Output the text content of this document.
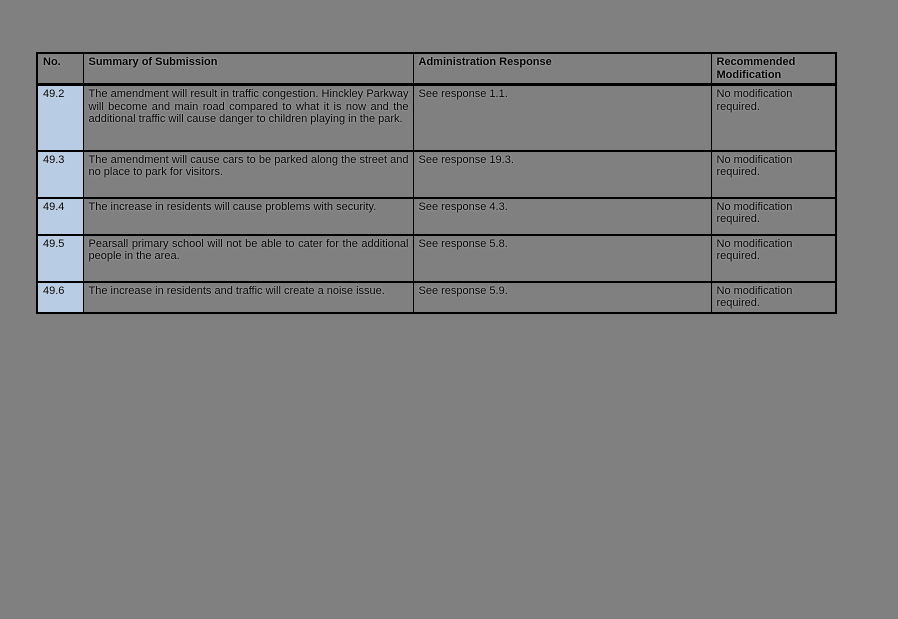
No.	Summary of Submission	Administration Response	Recommended Modification
49.2	The amendment will result in traffic congestion. Hinckley Parkway will become and main road compared to what it is now and the additional traffic will cause danger to children playing in the park.	See response 1.1.	No modification required.
49.3	The amendment will cause cars to be parked along the street and no place to park for visitors.	See response 19.3.	No modification required.
49.4	The increase in residents will cause problems with security.	See response 4.3.	No modification required.
49.5	Pearsall primary school will not be able to cater for the additional people in the area.	See response 5.8.	No modification required.
49.6	The increase in residents and traffic will create a noise issue.	See response 5.9.	No modification required.
